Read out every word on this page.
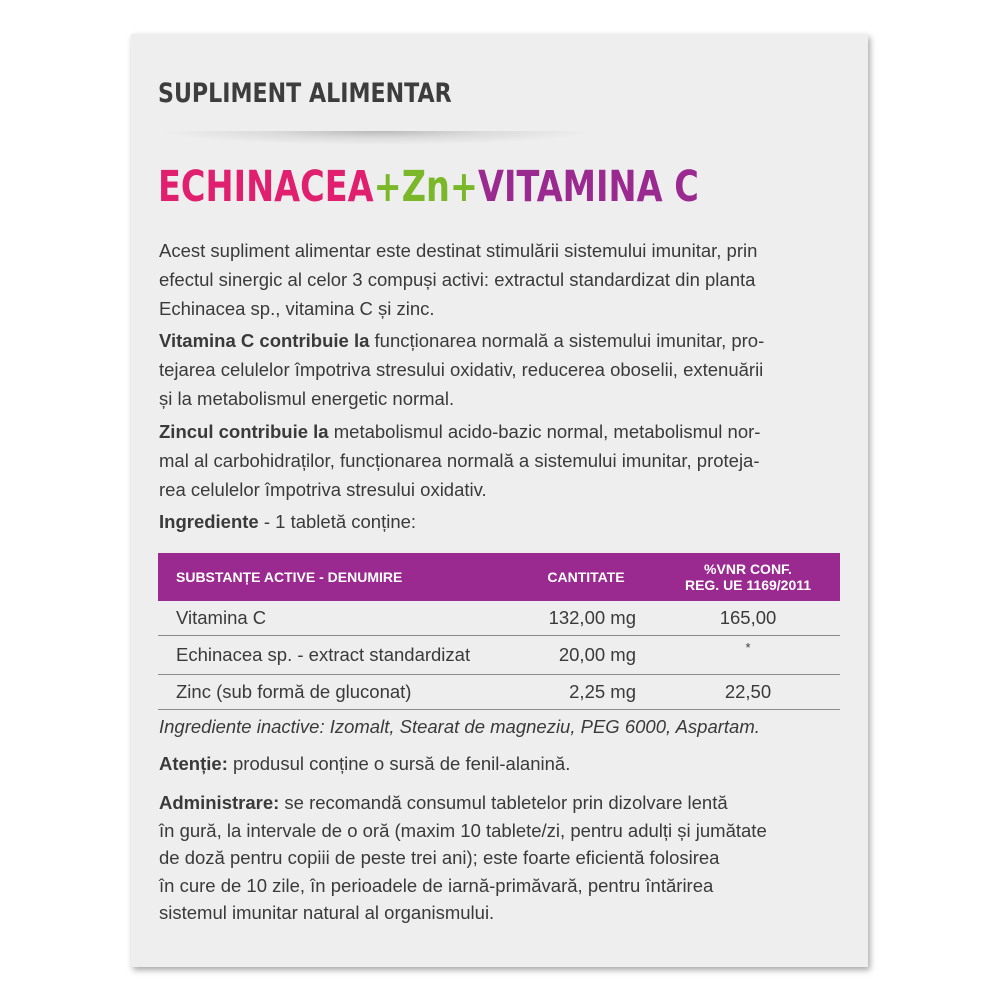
SUPLIMENT ALIMENTAR
ECHINACEA+Zn+VITAMINA C
Acest supliment alimentar este destinat stimulării sistemului imunitar, prin
efectul sinergic al celor 3 compuși activi: extractul standardizat din planta
Echinacea sp., vitamina C și zinc.
Vitamina C contribuie la funcționarea normală a sistemului imunitar, pro-
tejarea celulelor împotriva stresului oxidativ, reducerea oboselii, extenuării
și la metabolismul energetic normal.
Zincul contribuie la metabolismul acido-bazic normal, metabolismul nor-
mal al carbohidraților, funcționarea normală a sistemului imunitar, proteja-
rea celulelor împotriva stresului oxidativ.
Ingrediente - 1 tabletă conține:
SUBSTANȚE ACTIVE - DENUMIRE	CANTITATE	%VNR CONF.
REG. UE 1169/2011
Vitamina C	132,00 mg	165,00
Echinacea sp. - extract standardizat	20,00 mg	*
Zinc (sub formă de gluconat)	2,25 mg	22,50
Ingrediente inactive: Izomalt, Stearat de magneziu, PEG 6000, Aspartam.
Atenție: produsul conține o sursă de fenil-alanină.
Administrare: se recomandă consumul tabletelor prin dizolvare lentă
în gură, la intervale de o oră (maxim 10 tablete/zi, pentru adulți și jumătate
de doză pentru copiii de peste trei ani); este foarte eficientă folosirea
în cure de 10 zile, în perioadele de iarnă-primăvară, pentru întărirea
sistemul imunitar natural al organismului.
